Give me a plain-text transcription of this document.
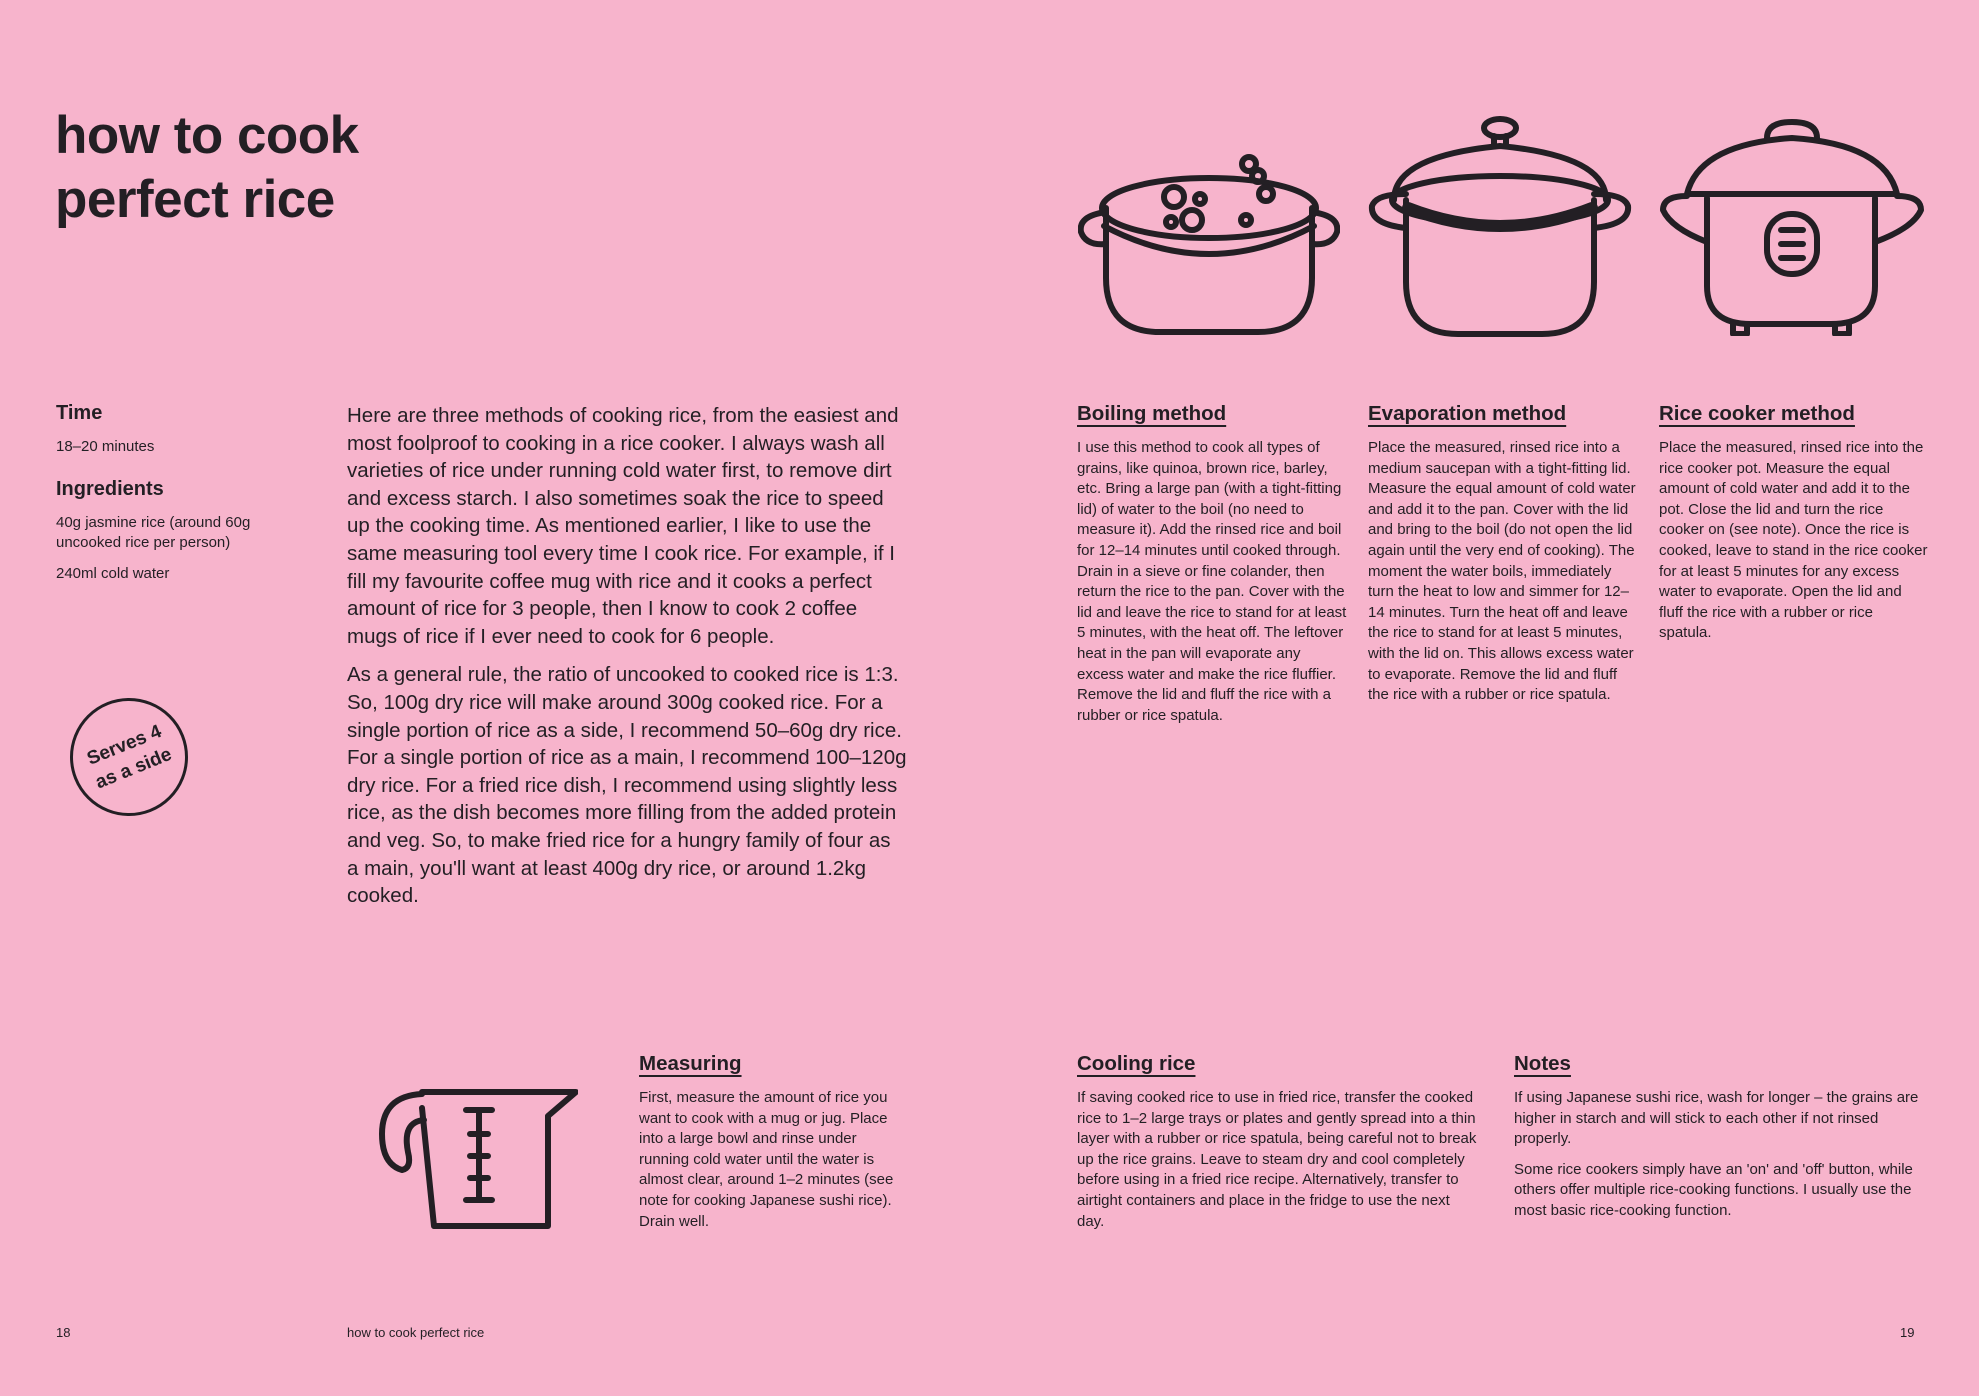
how to cook
perfect rice

Time

18–20 minutes

Ingredients

40g jasmine rice (around 60g uncooked rice per person)
240ml cold water
Serves 4 as a side

Here are three methods of cooking rice, from the easiest and most foolproof to cooking in a rice cooker. I always wash all varieties of rice under running cold water first, to remove dirt and excess starch. I also sometimes soak the rice to speed up the cooking time. As mentioned earlier, I like to use the same measuring tool every time I cook rice. For example, if I fill my favourite coffee mug with rice and it cooks a perfect amount of rice for 3 people, then I know to cook 2 coffee mugs of rice if I ever need to cook for 6 people.

As a general rule, the ratio of uncooked to cooked rice is 1:3. So, 100g dry rice will make around 300g cooked rice. For a single portion of rice as a side, I recommend 50–60g dry rice. For a single portion of rice as a main, I recommend 100–120g dry rice. For a fried rice dish, I recommend using slightly less rice, as the dish becomes more filling from the added protein and veg. So, to make fried rice for a hungry family of four as a main, you'll want at least 400g dry rice, or around 1.2kg cooked.

Boiling method

I use this method to cook all types of grains, like quinoa, brown rice, barley, etc. Bring a large pan (with a tight-fitting lid) of water to the boil (no need to measure it). Add the rinsed rice and boil for 12–14 minutes until cooked through. Drain in a sieve or fine colander, then return the rice to the pan. Cover with the lid and leave the rice to stand for at least 5 minutes, with the heat off. The leftover heat in the pan will evaporate any excess water and make the rice fluffier. Remove the lid and fluff the rice with a rubber or rice spatula.

Evaporation method

Place the measured, rinsed rice into a medium saucepan with a tight-fitting lid. Measure the equal amount of cold water and add it to the pan. Cover with the lid and bring to the boil (do not open the lid again until the very end of cooking). The moment the water boils, immediately turn the heat to low and simmer for 12–14 minutes. Turn the heat off and leave the rice to stand for at least 5 minutes, with the lid on. This allows excess water to evaporate. Remove the lid and fluff the rice with a rubber or rice spatula.

Rice cooker method

Place the measured, rinsed rice into the rice cooker pot. Measure the equal amount of cold water and add it to the pot. Close the lid and turn the rice cooker on (see note). Once the rice is cooked, leave to stand in the rice cooker for at least 5 minutes for any excess water to evaporate. Open the lid and fluff the rice with a rubber or rice spatula.

Measuring

First, measure the amount of rice you want to cook with a mug or jug. Place into a large bowl and rinse under running cold water until the water is almost clear, around 1–2 minutes (see note for cooking Japanese sushi rice). Drain well.

Cooling rice

If saving cooked rice to use in fried rice, transfer the cooked rice to 1–2 large trays or plates and gently spread into a thin layer with a rubber or rice spatula, being careful not to break up the rice grains. Leave to steam dry and cool completely before using in a fried rice recipe. Alternatively, transfer to airtight containers and place in the fridge to use the next day.

Notes

If using Japanese sushi rice, wash for longer – the grains are higher in starch and will stick to each other if not rinsed properly.

Some rice cookers simply have an 'on' and 'off' button, while others offer multiple rice-cooking functions. I usually use the most basic rice-cooking function.

18	how to cook perfect rice	19
